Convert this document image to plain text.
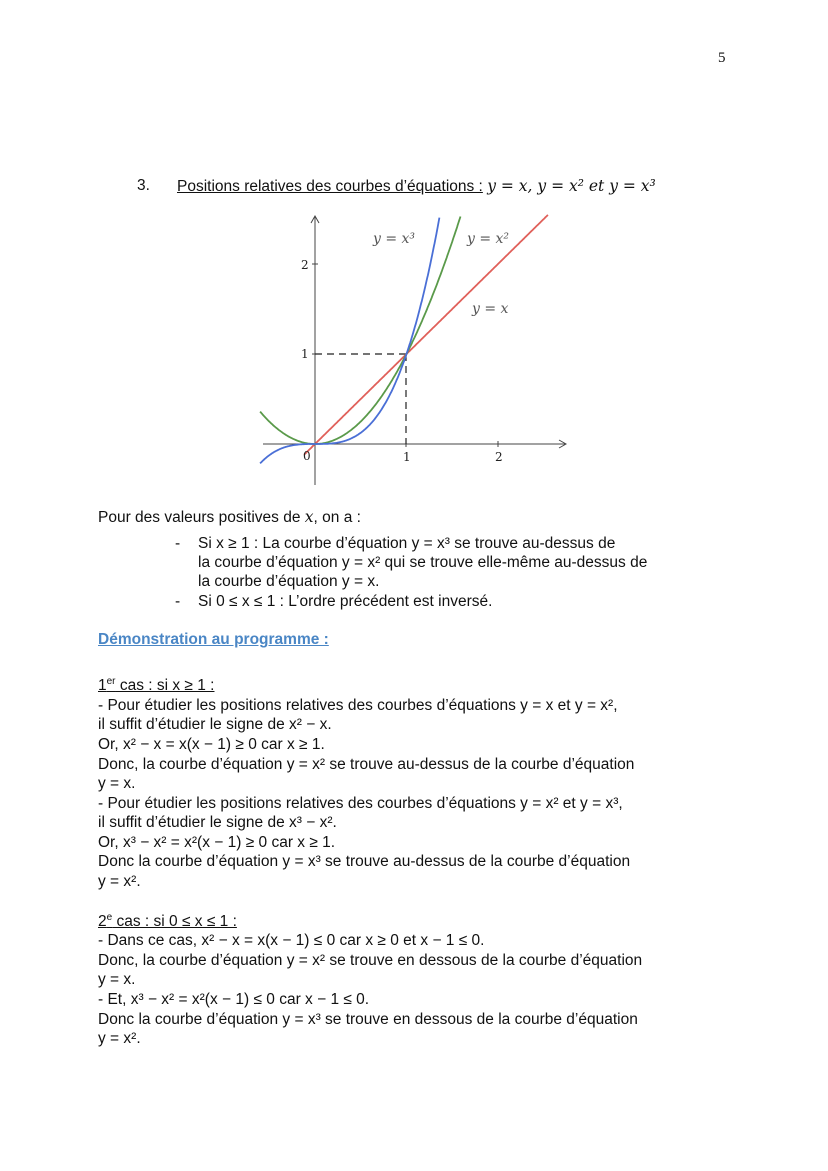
5
3. Positions relatives des courbes d’équations : y = x, y = x² et y = x³
1	2
1
2
0
y = x³	y = x²
y = x
Pour des valeurs positives de x, on a :
- Si x ≥ 1 : La courbe d’équation y = x³ se trouve au-dessus de
la courbe d’équation y = x² qui se trouve elle-même au-dessus de
la courbe d’équation y = x.
- Si 0 ≤ x ≤ 1 : L’ordre précédent est inversé.
Démonstration au programme :
1er cas : si x ≥ 1 :
- Pour étudier les positions relatives des courbes d’équations y = x et y = x²,
il suffit d’étudier le signe de x² − x.
Or, x² − x = x(x − 1) ≥ 0 car x ≥ 1.
Donc, la courbe d’équation y = x² se trouve au-dessus de la courbe d’équation
y = x.
- Pour étudier les positions relatives des courbes d’équations y = x² et y = x³,
il suffit d’étudier le signe de x³ − x².
Or, x³ − x² = x²(x − 1) ≥ 0 car x ≥ 1.
Donc la courbe d’équation y = x³ se trouve au-dessus de la courbe d’équation
y = x².
2e cas : si 0 ≤ x ≤ 1 :
- Dans ce cas, x² − x = x(x − 1) ≤ 0 car x ≥ 0 et x − 1 ≤ 0.
Donc, la courbe d’équation y = x² se trouve en dessous de la courbe d’équation
y = x.
- Et, x³ − x² = x²(x − 1) ≤ 0 car x − 1 ≤ 0.
Donc la courbe d’équation y = x³ se trouve en dessous de la courbe d’équation
y = x².
